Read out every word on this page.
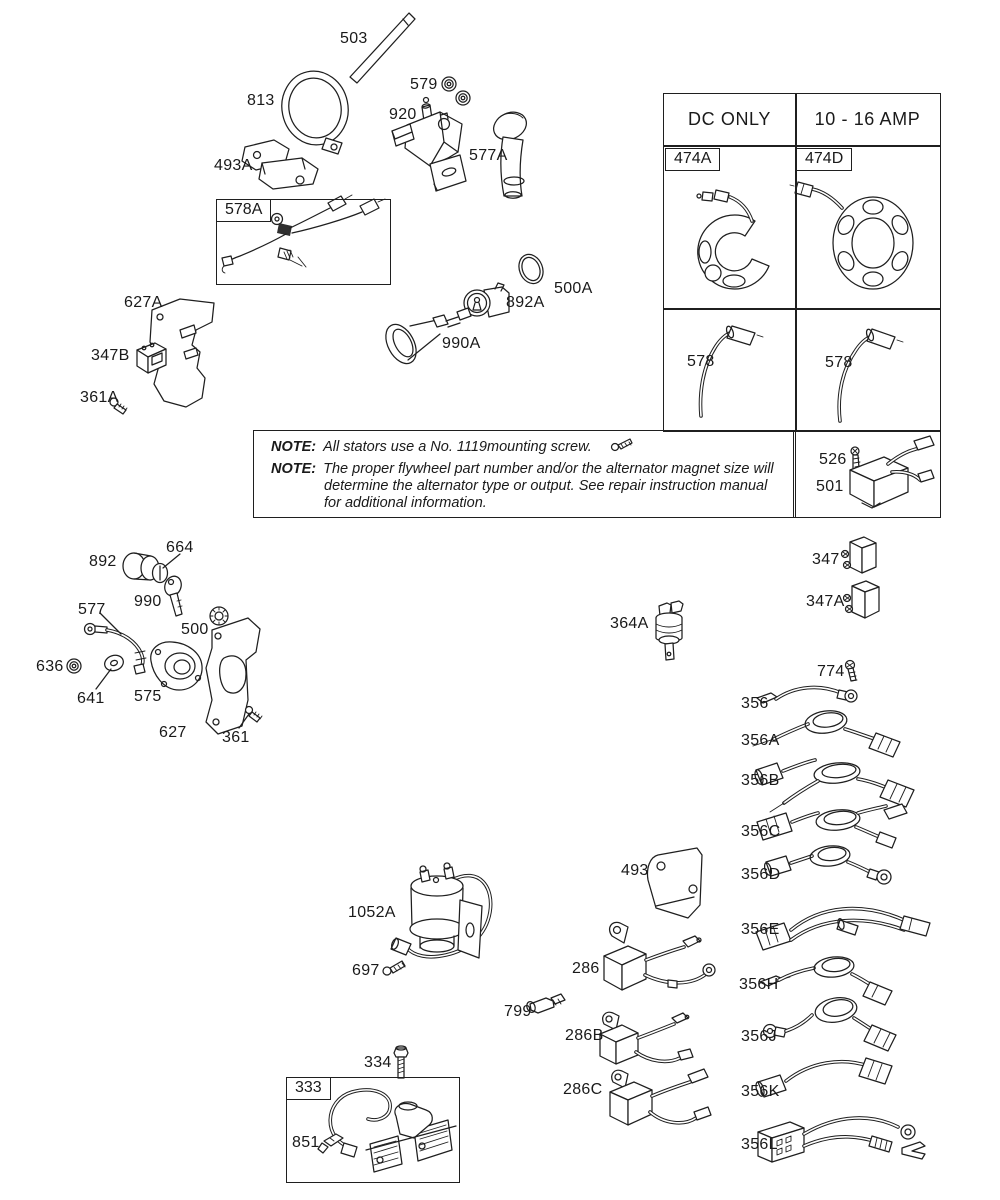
DC ONLY	10 - 16 AMP
474A	474D
578	578
526
501
NOTE: All stators use a No. 1119mounting screw.
NOTE: The proper flywheel part number and/or the alternator magnet size will
determine the alternator type or output. See repair instruction manual
for additional information.
578A
333
503
813
493A
579
920
577A
500A
892A
990A
627A
347B
361A
892
664
990
577
500
636
641 575
627 361
364A
347
347A
774
356
356A
356B
356C
356D
356E
356H
356J
356K
356L
493
286
799
286B
286C
1052A
697
334
851
